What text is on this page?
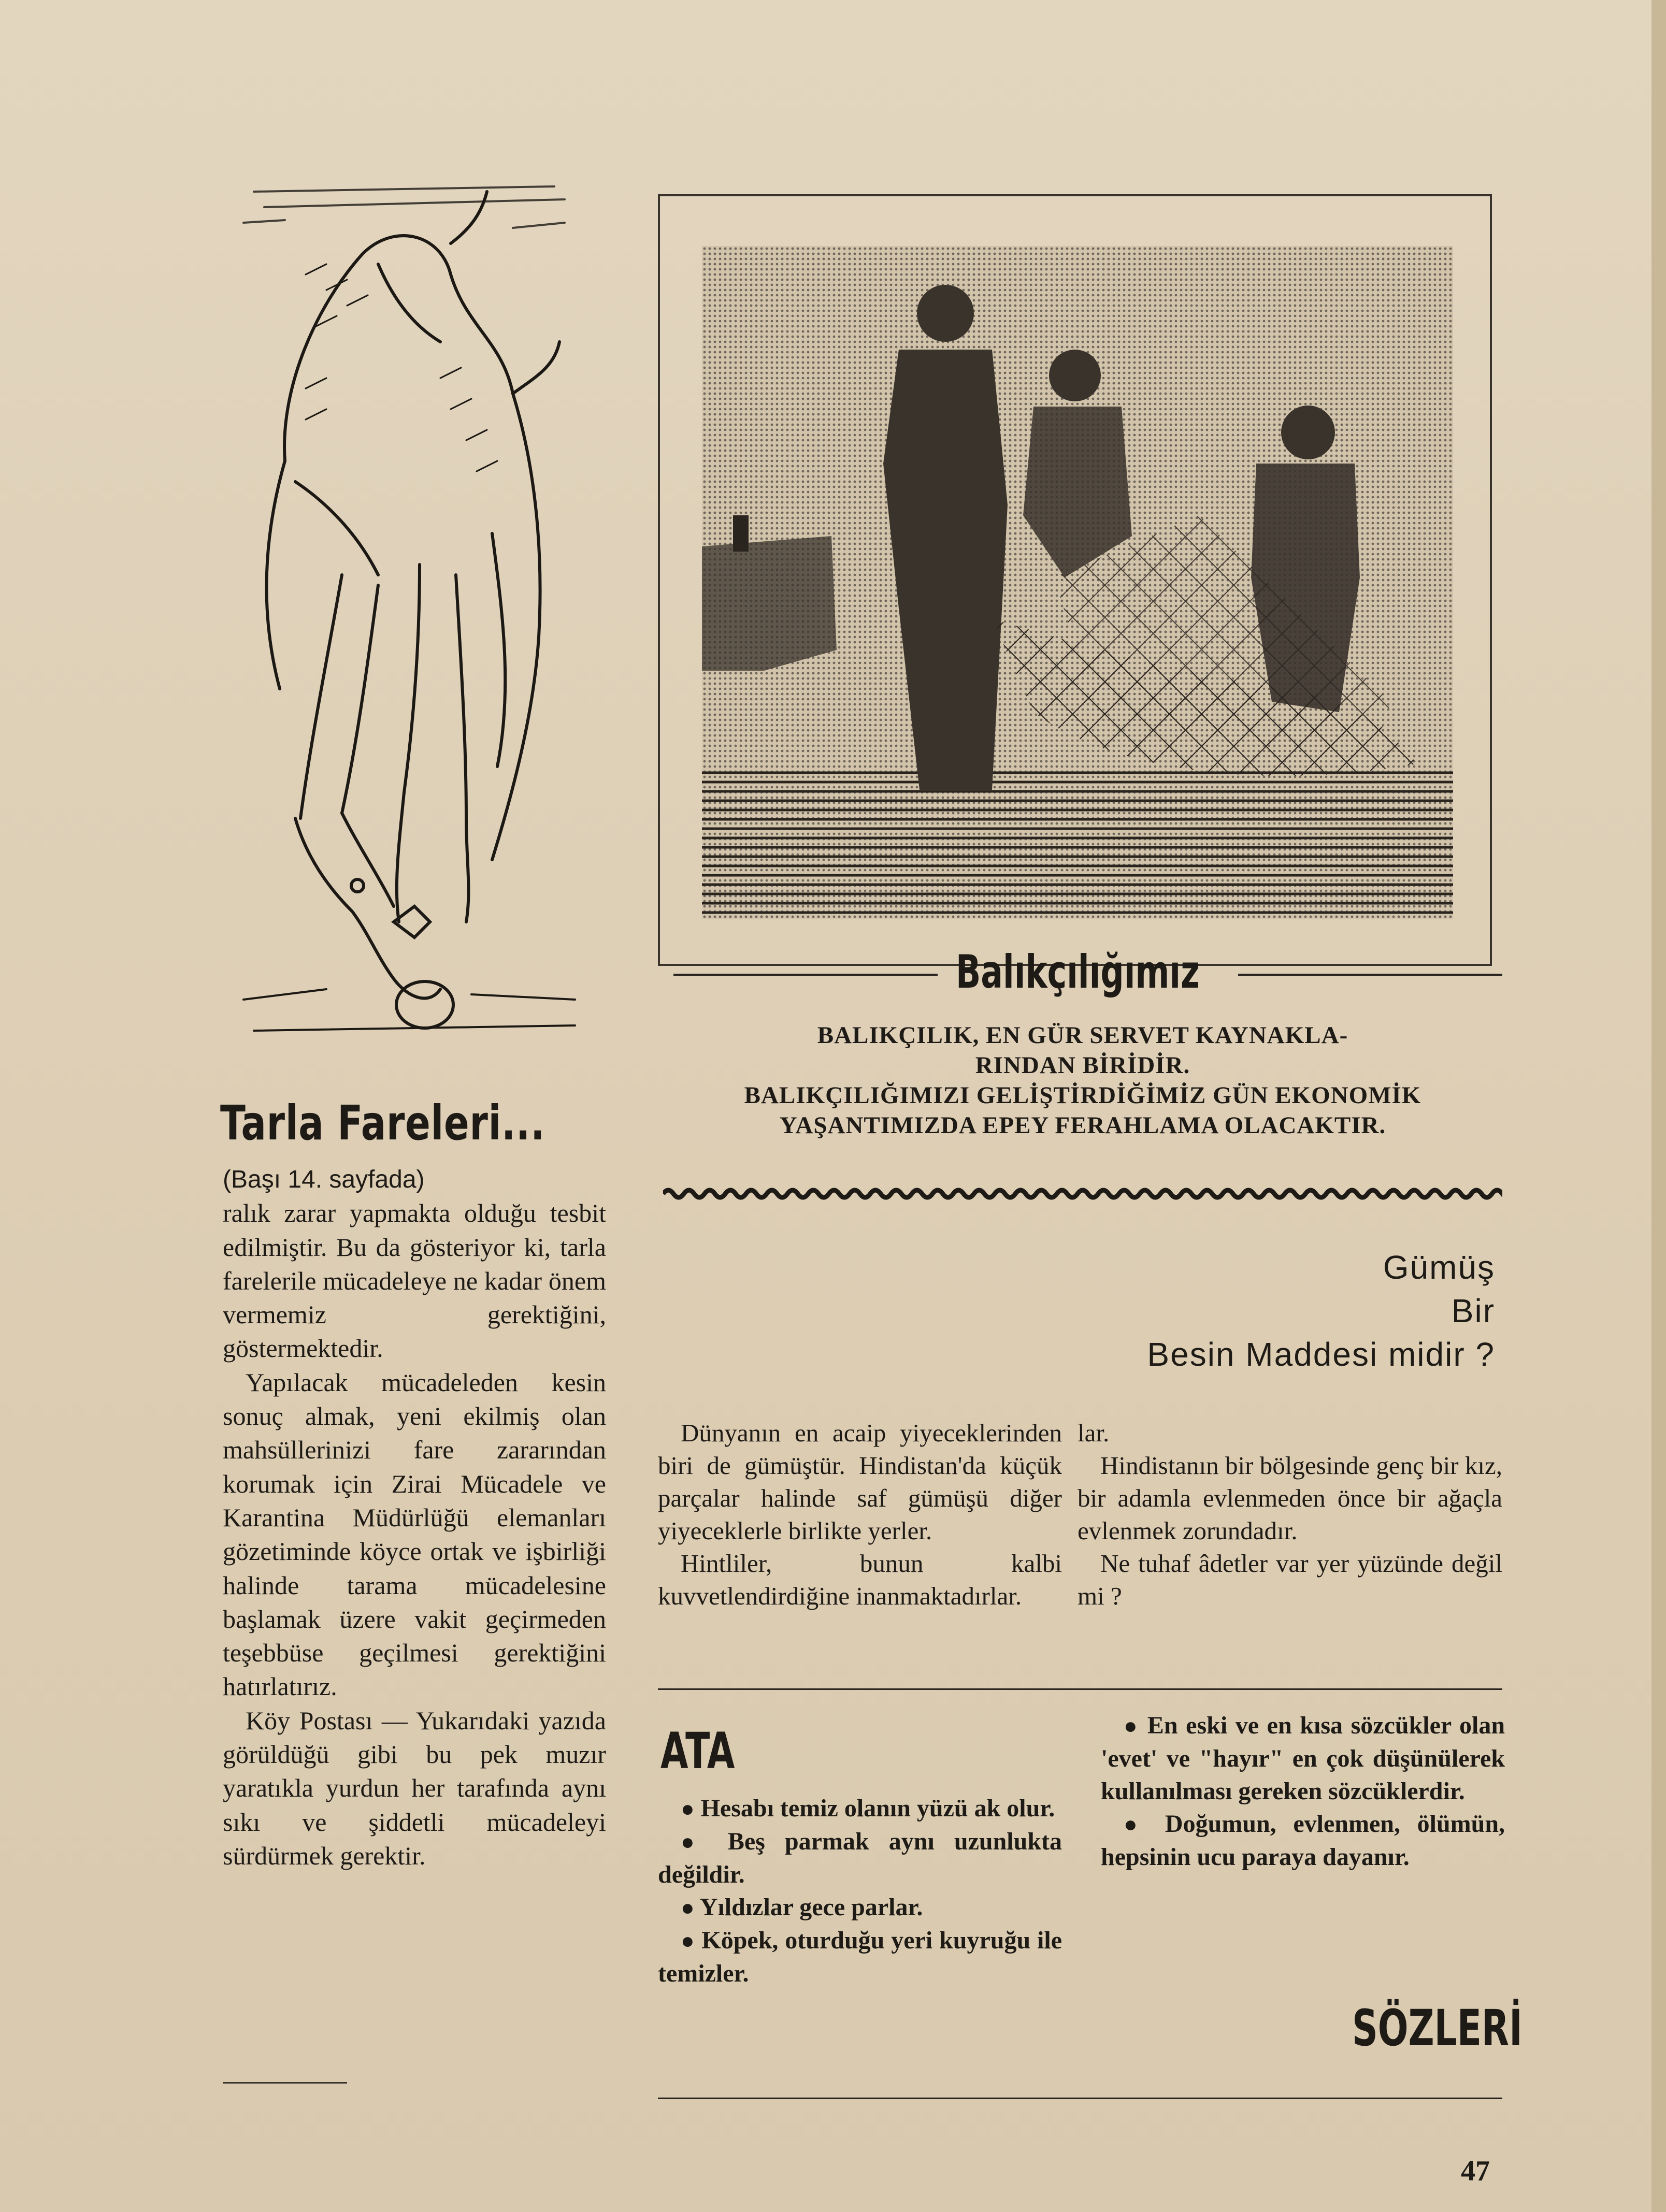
Tarla Fareleri...

(Başı 14. sayfada)

ralık zarar yapmakta olduğu tesbit edilmiştir. Bu da gösteriyor ki, tarla farelerile mücadeleye ne kadar önem vermemiz gerektiğini, göstermektedir.

Yapılacak mücadeleden kesin sonuç almak, yeni ekilmiş olan mahsüllerinizi fare zararından korumak için Zirai Mücadele ve Karantina Müdürlüğü elemanları gözetiminde köyce ortak ve işbirliği halinde tarama mücadelesine başlamak üzere vakit geçirmeden teşebbüse geçilmesi gerektiğini hatırlatırız.

Köy Postası — Yukarıdaki yazıda görüldüğü gibi bu pek muzır yaratıkla yurdun her tarafında aynı sıkı ve şiddetli mücadeleyi sürdürmek gerektir.

Balıkçılığımız
BALIKÇILIK, EN GÜR SERVET KAYNAKLA-
RINDAN BİRİDİR.
BALIKÇILIĞIMIZI GELİŞTİRDİĞİMİZ GÜN EKONOMİK
YAŞANTIMIZDA EPEY FERAHLAMA OLACAKTIR.
Gümüş
Bir
Besin Maddesi midir ?

Dünyanın en acaip yiyeceklerinden biri de gümüştür. Hindistan'da küçük parçalar halinde saf gümüşü diğer yiyeceklerle birlikte yerler.

Hintliler, bunun kalbi kuvvetlendirdiğine inanmaktadırlar.

lar.

Hindistanın bir bölgesinde genç bir kız, bir adamla evlenmeden önce bir ağaçla evlenmek zorundadır.

Ne tuhaf âdetler var yer yüzünde değil mi ?

ATA

● Hesabı temiz olanın yüzü ak olur.

● Beş parmak aynı uzunlukta değildir.

● Yıldızlar gece parlar.

● Köpek, oturduğu yeri kuyruğu ile temizler.

● En eski ve en kısa sözcükler olan 'evet' ve "hayır" en çok düşünülerek kullanılması gereken sözcüklerdir.

● Doğumun, evlenmen, ölümün, hepsinin ucu paraya dayanır.

SÖZLERİ
47
